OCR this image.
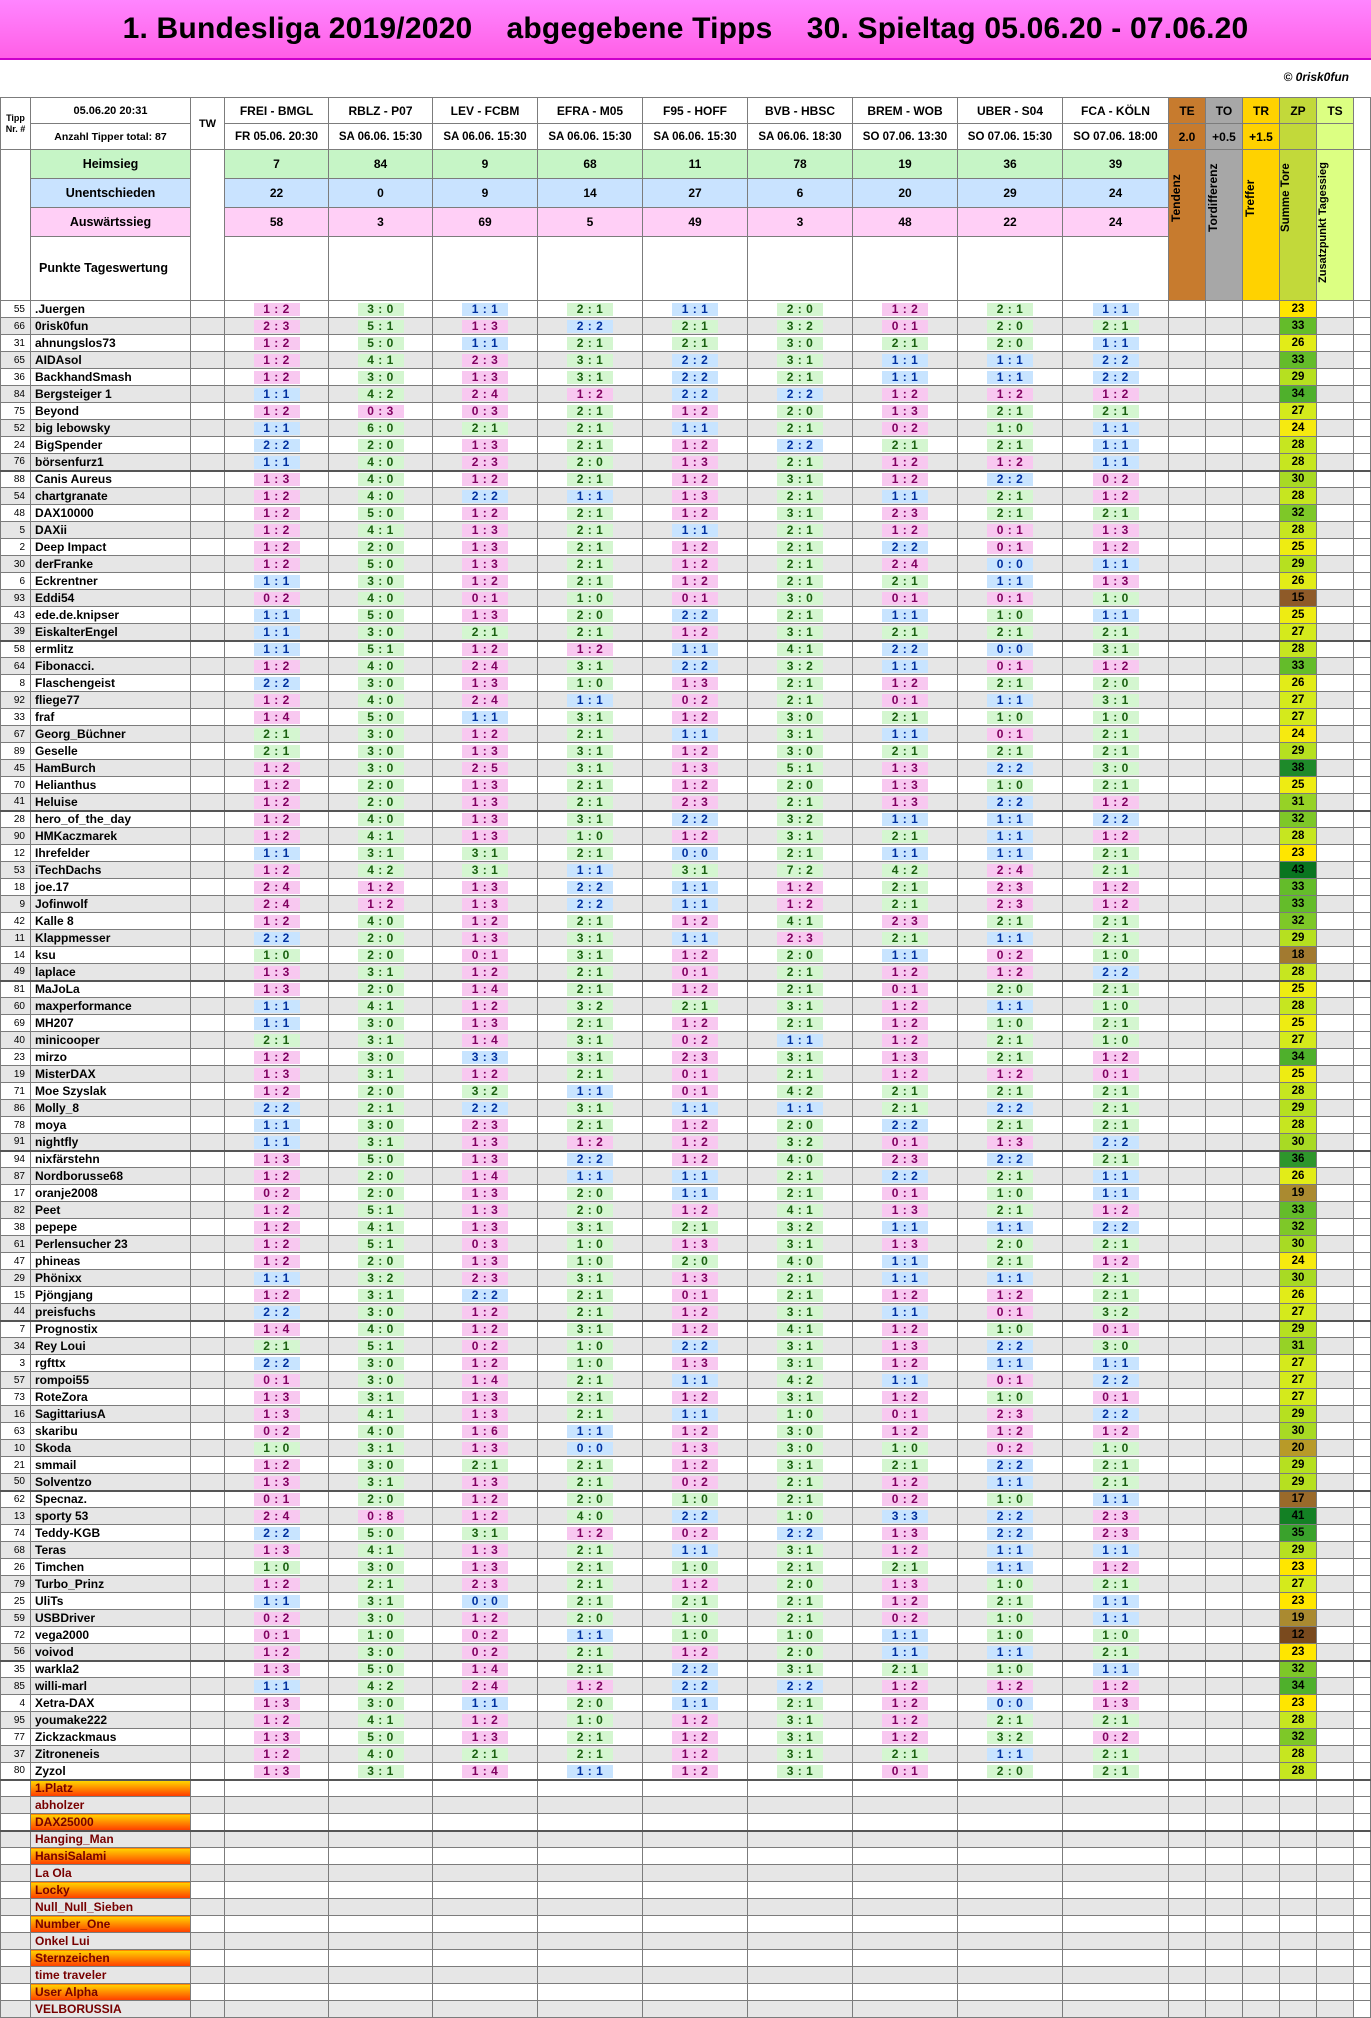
1. Bundesliga 2019/2020    abgegebene Tipps    30. Spieltag 05.06.20 - 07.06.20
© 0risk0fun
Tipp Nr. #	05.06.20 20:31	TW	FREI - BMGL	RBLZ - P07	LEV - FCBM	EFRA - M05	F95 - HOFF	BVB - HBSC	BREM - WOB	UBER - S04	FCA - KÖLN	TE	TO	TR	ZP	TS	
	Anzahl Tipper total: 87		FR 05.06. 20:30	SA 06.06. 15:30	SA 06.06. 15:30	SA 06.06. 15:30	SA 06.06. 15:30	SA 06.06. 18:30	SO 07.06. 13:30	SO 07.06. 15:30	SO 07.06. 18:00	2.0	+0.5	+1.5			
	Heimsieg		7	84	9	68	11	78	19	36	39	Tendenz	Tordifferenz	Treffer	Summe Tore	Zusatzpunkt Tagessieg	

	Unentschieden		22	0	9	14	27	6	20	29	24						
	Auswärtssieg		58	3	69	5	49	3	48	22	24						
	Punkte Tageswertung																
55	.Juergen		1 : 2	3 : 0	1 : 1	2 : 1	1 : 1	2 : 0	1 : 2	2 : 1	1 : 1				23		
66	0risk0fun		2 : 3	5 : 1	1 : 3	2 : 2	2 : 1	3 : 2	0 : 1	2 : 0	2 : 1				33		
31	ahnungslos73		1 : 2	5 : 0	1 : 1	2 : 1	2 : 1	3 : 0	2 : 1	2 : 0	1 : 1				26		
65	AIDAsol		1 : 2	4 : 1	2 : 3	3 : 1	2 : 2	3 : 1	1 : 1	1 : 1	2 : 2				33		
36	BackhandSmash		1 : 2	3 : 0	1 : 3	3 : 1	2 : 2	2 : 1	1 : 1	1 : 1	2 : 2				29		
84	Bergsteiger 1		1 : 1	4 : 2	2 : 4	1 : 2	2 : 2	2 : 2	1 : 2	1 : 2	1 : 2				34		
75	Beyond		1 : 2	0 : 3	0 : 3	2 : 1	1 : 2	2 : 0	1 : 3	2 : 1	2 : 1				27		
52	big lebowsky		1 : 1	6 : 0	2 : 1	2 : 1	1 : 1	2 : 1	0 : 2	1 : 0	1 : 1				24		
24	BigSpender		2 : 2	2 : 0	1 : 3	2 : 1	1 : 2	2 : 2	2 : 1	2 : 1	1 : 1				28		
76	börsenfurz1		1 : 1	4 : 0	2 : 3	2 : 0	1 : 3	2 : 1	1 : 2	1 : 2	1 : 1				28		
88	Canis Aureus		1 : 3	4 : 0	1 : 2	2 : 1	1 : 2	3 : 1	1 : 2	2 : 2	0 : 2				30		
54	chartgranate		1 : 2	4 : 0	2 : 2	1 : 1	1 : 3	2 : 1	1 : 1	2 : 1	1 : 2				28		
48	DAX10000		1 : 2	5 : 0	1 : 2	2 : 1	1 : 2	3 : 1	2 : 3	2 : 1	2 : 1				32		
5	DAXii		1 : 2	4 : 1	1 : 3	2 : 1	1 : 1	2 : 1	1 : 2	0 : 1	1 : 3				28		
2	Deep Impact		1 : 2	2 : 0	1 : 3	2 : 1	1 : 2	2 : 1	2 : 2	0 : 1	1 : 2				25		
30	derFranke		1 : 2	5 : 0	1 : 3	2 : 1	1 : 2	2 : 1	2 : 4	0 : 0	1 : 1				29		
6	Eckrentner		1 : 1	3 : 0	1 : 2	2 : 1	1 : 2	2 : 1	2 : 1	1 : 1	1 : 3				26		
93	Eddi54		0 : 2	4 : 0	0 : 1	1 : 0	0 : 1	3 : 0	0 : 1	0 : 1	1 : 0				15		
43	ede.de.knipser		1 : 1	5 : 0	1 : 3	2 : 0	2 : 2	2 : 1	1 : 1	1 : 0	1 : 1				25		
39	EiskalterEngel		1 : 1	3 : 0	2 : 1	2 : 1	1 : 2	3 : 1	2 : 1	2 : 1	2 : 1				27		
58	ermlitz		1 : 1	5 : 1	1 : 2	1 : 2	1 : 1	4 : 1	2 : 2	0 : 0	3 : 1				28		
64	Fibonacci.		1 : 2	4 : 0	2 : 4	3 : 1	2 : 2	3 : 2	1 : 1	0 : 1	1 : 2				33		
8	Flaschengeist		2 : 2	3 : 0	1 : 3	1 : 0	1 : 3	2 : 1	1 : 2	2 : 1	2 : 0				26		
92	fliege77		1 : 2	4 : 0	2 : 4	1 : 1	0 : 2	2 : 1	0 : 1	1 : 1	3 : 1				27		
33	fraf		1 : 4	5 : 0	1 : 1	3 : 1	1 : 2	3 : 0	2 : 1	1 : 0	1 : 0				27		
67	Georg_Büchner		2 : 1	3 : 0	1 : 2	2 : 1	1 : 1	3 : 1	1 : 1	0 : 1	2 : 1				24		
89	Geselle		2 : 1	3 : 0	1 : 3	3 : 1	1 : 2	3 : 0	2 : 1	2 : 1	2 : 1				29		
45	HamBurch		1 : 2	3 : 0	2 : 5	3 : 1	1 : 3	5 : 1	1 : 3	2 : 2	3 : 0				38		
70	Helianthus		1 : 2	2 : 0	1 : 3	2 : 1	1 : 2	2 : 0	1 : 3	1 : 0	2 : 1				25		
41	Heluise		1 : 2	2 : 0	1 : 3	2 : 1	2 : 3	2 : 1	1 : 3	2 : 2	1 : 2				31		
28	hero_of_the_day		1 : 2	4 : 0	1 : 3	3 : 1	2 : 2	3 : 2	1 : 1	1 : 1	2 : 2				32		
90	HMKaczmarek		1 : 2	4 : 1	1 : 3	1 : 0	1 : 2	3 : 1	2 : 1	1 : 1	1 : 2				28		
12	Ihrefelder		1 : 1	3 : 1	3 : 1	2 : 1	0 : 0	2 : 1	1 : 1	1 : 1	2 : 1				23		
53	iTechDachs		1 : 2	4 : 2	3 : 1	1 : 1	3 : 1	7 : 2	4 : 2	2 : 4	2 : 1				43		
18	joe.17		2 : 4	1 : 2	1 : 3	2 : 2	1 : 1	1 : 2	2 : 1	2 : 3	1 : 2				33		
9	Jofinwolf		2 : 4	1 : 2	1 : 3	2 : 2	1 : 1	1 : 2	2 : 1	2 : 3	1 : 2				33		
42	Kalle 8		1 : 2	4 : 0	1 : 2	2 : 1	1 : 2	4 : 1	2 : 3	2 : 1	2 : 1				32		
11	Klappmesser		2 : 2	2 : 0	1 : 3	3 : 1	1 : 1	2 : 3	2 : 1	1 : 1	2 : 1				29		
14	ksu		1 : 0	2 : 0	0 : 1	3 : 1	1 : 2	2 : 0	1 : 1	0 : 2	1 : 0				18		
49	laplace		1 : 3	3 : 1	1 : 2	2 : 1	0 : 1	2 : 1	1 : 2	1 : 2	2 : 2				28		
81	MaJoLa		1 : 3	2 : 0	1 : 4	2 : 1	1 : 2	2 : 1	0 : 1	2 : 0	2 : 1				25		
60	maxperformance		1 : 1	4 : 1	1 : 2	3 : 2	2 : 1	3 : 1	1 : 2	1 : 1	1 : 0				28		
69	MH207		1 : 1	3 : 0	1 : 3	2 : 1	1 : 2	2 : 1	1 : 2	1 : 0	2 : 1				25		
40	minicooper		2 : 1	3 : 1	1 : 4	3 : 1	0 : 2	1 : 1	1 : 2	2 : 1	1 : 0				27		
23	mirzo		1 : 2	3 : 0	3 : 3	3 : 1	2 : 3	3 : 1	1 : 3	2 : 1	1 : 2				34		
19	MisterDAX		1 : 3	3 : 1	1 : 2	2 : 1	0 : 1	2 : 1	1 : 2	1 : 2	0 : 1				25		
71	Moe Szyslak		1 : 2	2 : 0	3 : 2	1 : 1	0 : 1	4 : 2	2 : 1	2 : 1	2 : 1				28		
86	Molly_8		2 : 2	2 : 1	2 : 2	3 : 1	1 : 1	1 : 1	2 : 1	2 : 2	2 : 1				29		
78	moya		1 : 1	3 : 0	2 : 3	2 : 1	1 : 2	2 : 0	2 : 2	2 : 1	2 : 1				28		
91	nightfly		1 : 1	3 : 1	1 : 3	1 : 2	1 : 2	3 : 2	0 : 1	1 : 3	2 : 2				30		
94	nixfärstehn		1 : 3	5 : 0	1 : 3	2 : 2	1 : 2	4 : 0	2 : 3	2 : 2	2 : 1				36		
87	Nordborusse68		1 : 2	2 : 0	1 : 4	1 : 1	1 : 1	2 : 1	2 : 2	2 : 1	1 : 1				26		
17	oranje2008		0 : 2	2 : 0	1 : 3	2 : 0	1 : 1	2 : 1	0 : 1	1 : 0	1 : 1				19		
82	Peet		1 : 2	5 : 1	1 : 3	2 : 0	1 : 2	4 : 1	1 : 3	2 : 1	1 : 2				33		
38	pepepe		1 : 2	4 : 1	1 : 3	3 : 1	2 : 1	3 : 2	1 : 1	1 : 1	2 : 2				32		
61	Perlensucher 23		1 : 2	5 : 1	0 : 3	1 : 0	1 : 3	3 : 1	1 : 3	2 : 0	2 : 1				30		
47	phineas		1 : 2	2 : 0	1 : 3	1 : 0	2 : 0	4 : 0	1 : 1	2 : 1	1 : 2				24		
29	Phönixx		1 : 1	3 : 2	2 : 3	3 : 1	1 : 3	2 : 1	1 : 1	1 : 1	2 : 1				30		
15	Pjöngjang		1 : 2	3 : 1	2 : 2	2 : 1	0 : 1	2 : 1	1 : 2	1 : 2	2 : 1				26		
44	preisfuchs		2 : 2	3 : 0	1 : 2	2 : 1	1 : 2	3 : 1	1 : 1	0 : 1	3 : 2				27		
7	Prognostix		1 : 4	4 : 0	1 : 2	3 : 1	1 : 2	4 : 1	1 : 2	1 : 0	0 : 1				29		
34	Rey Loui		2 : 1	5 : 1	0 : 2	1 : 0	2 : 2	3 : 1	1 : 3	2 : 2	3 : 0				31		
3	rgfttx		2 : 2	3 : 0	1 : 2	1 : 0	1 : 3	3 : 1	1 : 2	1 : 1	1 : 1				27		
57	rompoi55		0 : 1	3 : 0	1 : 4	2 : 1	1 : 1	4 : 2	1 : 1	0 : 1	2 : 2				27		
73	RoteZora		1 : 3	3 : 1	1 : 3	2 : 1	1 : 2	3 : 1	1 : 2	1 : 0	0 : 1				27		
16	SagittariusA		1 : 3	4 : 1	1 : 3	2 : 1	1 : 1	1 : 0	0 : 1	2 : 3	2 : 2				29		
63	skaribu		0 : 2	4 : 0	1 : 6	1 : 1	1 : 2	3 : 0	1 : 2	1 : 2	1 : 2				30		
10	Skoda		1 : 0	3 : 1	1 : 3	0 : 0	1 : 3	3 : 0	1 : 0	0 : 2	1 : 0				20		
21	smmail		1 : 2	3 : 0	2 : 1	2 : 1	1 : 2	3 : 1	2 : 1	2 : 2	2 : 1				29		
50	Solventzo		1 : 3	3 : 1	1 : 3	2 : 1	0 : 2	2 : 1	1 : 2	1 : 1	2 : 1				29		
62	Specnaz.		0 : 1	2 : 0	1 : 2	2 : 0	1 : 0	2 : 1	0 : 2	1 : 0	1 : 1				17		
13	sporty 53		2 : 4	0 : 8	1 : 2	4 : 0	2 : 2	1 : 0	3 : 3	2 : 2	2 : 3				41		
74	Teddy-KGB		2 : 2	5 : 0	3 : 1	1 : 2	0 : 2	2 : 2	1 : 3	2 : 2	2 : 3				35		
68	Teras		1 : 3	4 : 1	1 : 3	2 : 1	1 : 1	3 : 1	1 : 2	1 : 1	1 : 1				29		
26	Timchen		1 : 0	3 : 0	1 : 3	2 : 1	1 : 0	2 : 1	2 : 1	1 : 1	1 : 2				23		
79	Turbo_Prinz		1 : 2	2 : 1	2 : 3	2 : 1	1 : 2	2 : 0	1 : 3	1 : 0	2 : 1				27		
25	UliTs		1 : 1	3 : 1	0 : 0	2 : 1	2 : 1	2 : 1	1 : 2	2 : 1	1 : 1				23		
59	USBDriver		0 : 2	3 : 0	1 : 2	2 : 0	1 : 0	2 : 1	0 : 2	1 : 0	1 : 1				19		
72	vega2000		0 : 1	1 : 0	0 : 2	1 : 1	1 : 0	1 : 0	1 : 1	1 : 0	1 : 0				12		
56	voivod		1 : 2	3 : 0	0 : 2	2 : 1	1 : 2	2 : 0	1 : 1	1 : 1	2 : 1				23		
35	warkla2		1 : 3	5 : 0	1 : 4	2 : 1	2 : 2	3 : 1	2 : 1	1 : 0	1 : 1				32		
85	willi-marl		1 : 1	4 : 2	2 : 4	1 : 2	2 : 2	2 : 2	1 : 2	1 : 2	1 : 2				34		
4	Xetra-DAX		1 : 3	3 : 0	1 : 1	2 : 0	1 : 1	2 : 1	1 : 2	0 : 0	1 : 3				23		
95	youmake222		1 : 2	4 : 1	1 : 2	1 : 0	1 : 2	3 : 1	1 : 2	2 : 1	2 : 1				28		
77	Zickzackmaus		1 : 3	5 : 0	1 : 3	2 : 1	1 : 2	3 : 1	1 : 2	3 : 2	0 : 2				32		
37	Zitroneneis		1 : 2	4 : 0	2 : 1	2 : 1	1 : 2	3 : 1	2 : 1	1 : 1	2 : 1				28		
80	Zyzol		1 : 3	3 : 1	1 : 4	1 : 1	1 : 2	3 : 1	0 : 1	2 : 0	2 : 1				28		
	1.Platz																
	abholzer																
	DAX25000																
	Hanging_Man																
	HansiSalami																
	La Ola																
	Locky																
	Null_Null_Sieben																
	Number_One																
	Onkel Lui																
	Sternzeichen																
	time traveler																
	User Alpha																
	VELBORUSSIA																
